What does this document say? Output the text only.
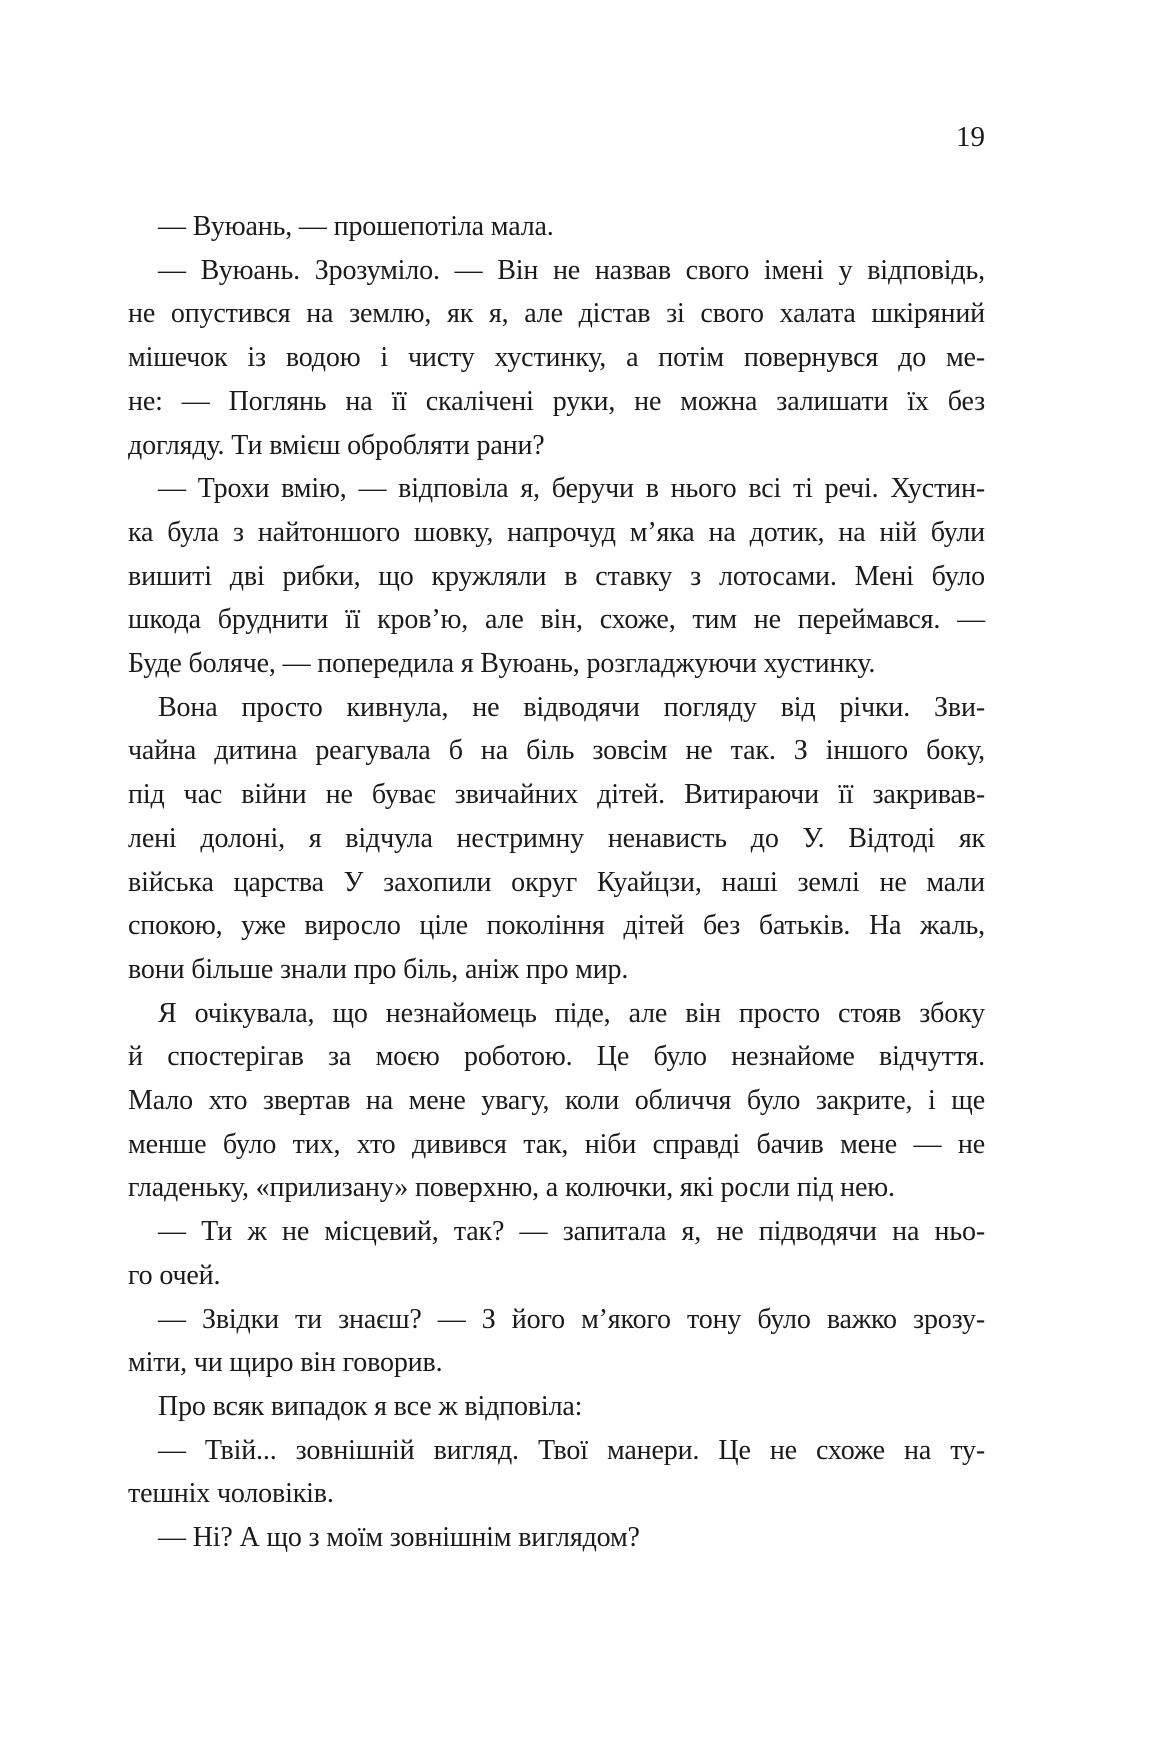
19

— Вуюань, — прошепотіла мала.

— Вуюань. Зрозуміло. — Він не назвав свого імені у відповідь,
не опустився на землю, як я, але дістав зі свого халата шкіряний
мішечок із водою і чисту хустинку, а потім повернувся до ме-
не: — Поглянь на її скалічені руки, не можна залишати їх без
догляду. Ти вмієш обробляти рани?

— Трохи вмію, — відповіла я, беручи в нього всі ті речі. Хустин-
ка була з найтоншого шовку, напрочуд м’яка на дотик, на ній були
вишиті дві рибки, що кружляли в ставку з лотосами. Мені було
шкода бруднити її кров’ю, але він, схоже, тим не переймався. —
Буде боляче, — попередила я Вуюань, розгладжуючи хустинку.

Вона просто кивнула, не відводячи погляду від річки. Зви-
чайна дитина реагувала б на біль зовсім не так. З іншого боку,
під час війни не буває звичайних дітей. Витираючи її закривав-
лені долоні, я відчула нестримну ненависть до У. Відтоді як
війська царства У захопили округ Куайцзи, наші землі не мали
спокою, уже виросло ціле покоління дітей без батьків. На жаль,
вони більше знали про біль, аніж про мир.

Я очікувала, що незнайомець піде, але він просто стояв збоку
й спостерігав за моєю роботою. Це було незнайоме відчуття.
Мало хто звертав на мене увагу, коли обличчя було закрите, і ще
менше було тих, хто дивився так, ніби справді бачив мене — не
гладеньку, «прилизану» поверхню, а колючки, які росли під нею.

— Ти ж не місцевий, так? — запитала я, не підводячи на ньо-
го очей.

— Звідки ти знаєш? — З його м’якого тону було важко зрозу-
міти, чи щиро він говорив.

Про всяк випадок я все ж відповіла:

— Твій... зовнішній вигляд. Твої манери. Це не схоже на ту-
тешніх чоловіків.

— Ні? А що з моїм зовнішнім виглядом?
